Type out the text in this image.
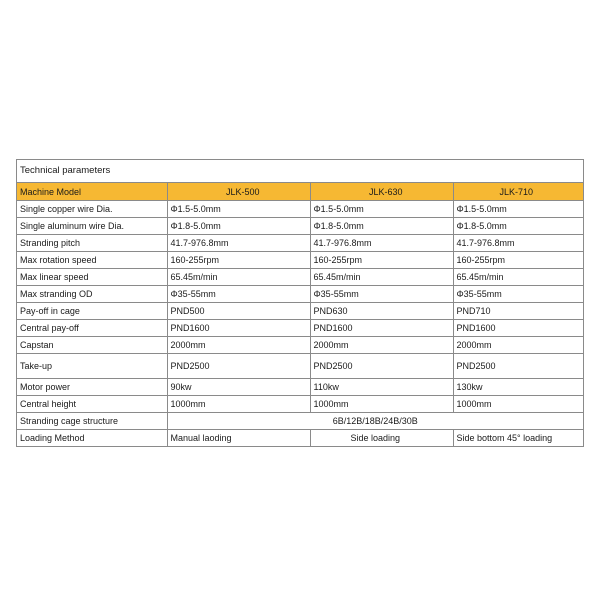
Technical parameters
Machine Model	JLK-500	JLK-630	JLK-710
Single copper wire Dia.	Φ1.5-5.0mm	Φ1.5-5.0mm	Φ1.5-5.0mm
Single aluminum wire Dia.	Φ1.8-5.0mm	Φ1.8-5.0mm	Φ1.8-5.0mm
Stranding pitch	41.7-976.8mm	41.7-976.8mm	41.7-976.8mm
Max rotation speed	160-255rpm	160-255rpm	160-255rpm
Max linear speed	65.45m/min	65.45m/min	65.45m/min
Max stranding OD	Φ35-55mm	Φ35-55mm	Φ35-55mm
Pay-off in cage	PND500	PND630	PND710
Central pay-off	PND1600	PND1600	PND1600
Capstan	2000mm	2000mm	2000mm
Take-up	PND2500	PND2500	PND2500
Motor power	90kw	110kw	130kw
Central height	1000mm	1000mm	1000mm
Stranding cage structure	6B/12B/18B/24B/30B		
Loading Method	Manual laoding	Side loading	Side bottom 45° loading
